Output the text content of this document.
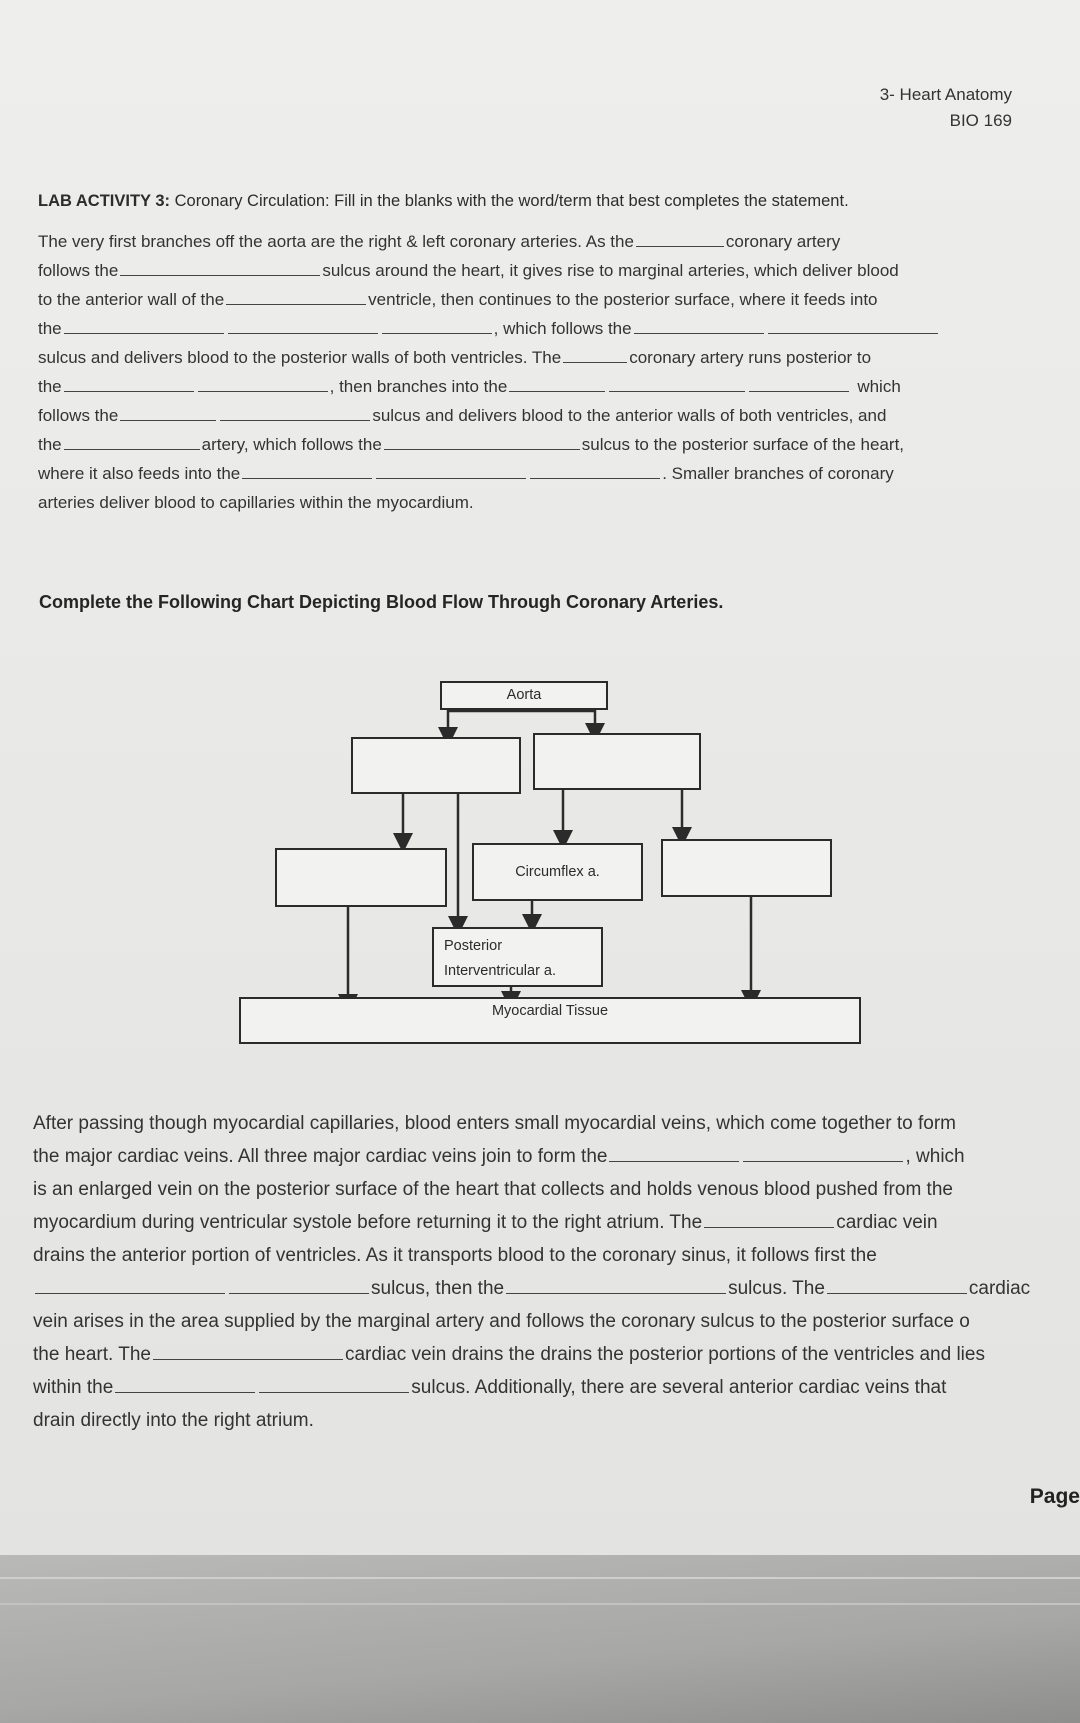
3- Heart Anatomy
BIO 169
LAB ACTIVITY 3: Coronary Circulation: Fill in the blanks with the word/term that best completes the statement.
The very first branches off the aorta are the right & left coronary arteries. As the	coronary artery
follows the	sulcus around the heart, it gives rise to marginal arteries, which deliver blood
to the anterior wall of the	ventricle, then continues to the posterior surface, where it feeds into
the	, which follows the
sulcus and delivers blood to the posterior walls of both ventricles. The	coronary artery runs posterior to
the	, then branches into the	which
follows the	sulcus and delivers blood to the anterior walls of both ventricles, and
the	artery, which follows the	sulcus to the posterior surface of the heart,
where it also feeds into the	. Smaller branches of coronary
arteries deliver blood to capillaries within the myocardium.
Complete the Following Chart Depicting Blood Flow Through Coronary Arteries.
Aorta
Circumflex a.
Posterior
Interventricular a.
Myocardial Tissue
After passing though myocardial capillaries, blood enters small myocardial veins, which come together to form
the major cardiac veins. All three major cardiac veins join to form the	, which
is an enlarged vein on the posterior surface of the heart that collects and holds venous blood pushed from the
myocardium during ventricular systole before returning it to the right atrium. The	cardiac vein
drains the anterior portion of ventricles. As it transports blood to the coronary sinus, it follows first the
sulcus, then the	sulcus. The	cardiac
vein arises in the area supplied by the marginal artery and follows the coronary sulcus to the posterior surface o
the heart. The	cardiac vein drains the drains the posterior portions of the ventricles and lies
within the	sulcus. Additionally, there are several anterior cardiac veins that
drain directly into the right atrium.
Page
